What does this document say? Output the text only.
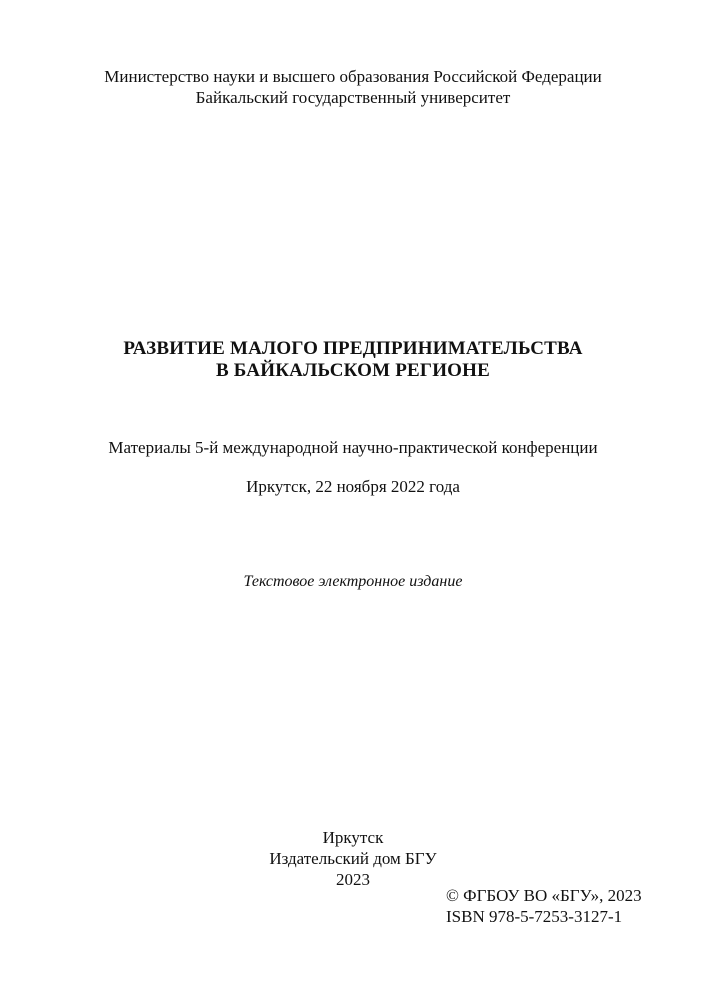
Министерство науки и высшего образования Российской Федерации
Байкальский государственный университет
РАЗВИТИЕ МАЛОГО ПРЕДПРИНИМАТЕЛЬСТВА
В БАЙКАЛЬСКОМ РЕГИОНЕ
Материалы 5-й международной научно-практической конференции
Иркутск, 22 ноября 2022 года
Текстовое электронное издание
Иркутск
Издательский дом БГУ
2023
© ФГБОУ ВО «БГУ», 2023
ISBN 978-5-7253-3127-1
